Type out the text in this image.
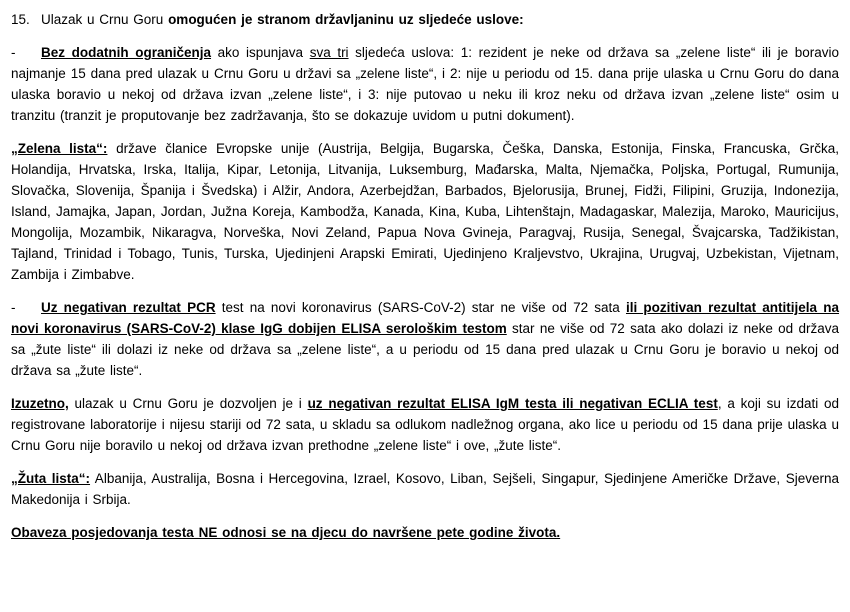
15. Ulazak u Crnu Goru omogućen je stranom državljaninu uz sljedeće uslove:

- Bez dodatnih ograničenja ako ispunjava sva tri sljedeća uslova: 1: rezident je neke od država sa „zelene liste“ ili je boravio najmanje 15 dana pred ulazak u Crnu Goru u državi sa „zelene liste“, i 2: nije u periodu od 15. dana prije ulaska u Crnu Goru do dana ulaska boravio u nekoj od država izvan „zelene liste“, i 3: nije putovao u neku ili kroz neku od država izvan „zelene liste“ osim u tranzitu (tranzit je proputovanje bez zadržavanja, što se dokazuje uvidom u putni dokument).

„Zelena lista“: države članice Evropske unije (Austrija, Belgija, Bugarska, Češka, Danska, Estonija, Finska, Francuska, Grčka, Holandija, Hrvatska, Irska, Italija, Kipar, Letonija, Litvanija, Luksemburg, Mađarska, Malta, Njemačka, Poljska, Portugal, Rumunija, Slovačka, Slovenija, Španija i Švedska) i Alžir, Andora, Azerbejdžan, Barbados, Bjelorusija, Brunej, Fidži, Filipini, Gruzija, Indonezija, Island, Jamajka, Japan, Jordan, Južna Koreja, Kambodža, Kanada, Kina, Kuba, Lihtenštajn, Madagaskar, Malezija, Maroko, Mauricijus, Mongolija, Mozambik, Nikaragva, Norveška, Novi Zeland, Papua Nova Gvineja, Paragvaj, Rusija, Senegal, Švajcarska, Tadžikistan, Tajland, Trinidad i Tobago, Tunis, Turska, Ujedinjeni Arapski Emirati, Ujedinjeno Kraljevstvo, Ukrajina, Urugvaj, Uzbekistan, Vijetnam, Zambija i Zimbabve.

- Uz negativan rezultat PCR test na novi koronavirus (SARS-CoV-2) star ne više od 72 sata ili pozitivan rezultat antitijela na novi koronavirus (SARS-CoV-2) klase IgG dobijen ELISA serološkim testom star ne više od 72 sata ako dolazi iz neke od država sa „žute liste“ ili dolazi iz neke od država sa „zelene liste“, a u periodu od 15 dana pred ulazak u Crnu Goru je boravio u nekoj od država sa „žute liste“.

Izuzetno, ulazak u Crnu Goru je dozvoljen je i uz negativan rezultat ELISA IgM testa ili negativan ECLIA test, a koji su izdati od registrovane laboratorije i nijesu stariji od 72 sata, u skladu sa odlukom nadležnog organa, ako lice u periodu od 15 dana prije ulaska u Crnu Goru nije boravilo u nekoj od država izvan prethodne „zelene liste“ i ove, „žute liste“.

„Žuta lista“: Albanija, Australija, Bosna i Hercegovina, Izrael, Kosovo, Liban, Sejšeli, Singapur, Sjedinjene Američke Države, Sjeverna Makedonija i Srbija.

Obaveza posjedovanja testa NE odnosi se na djecu do navršene pete godine života.
